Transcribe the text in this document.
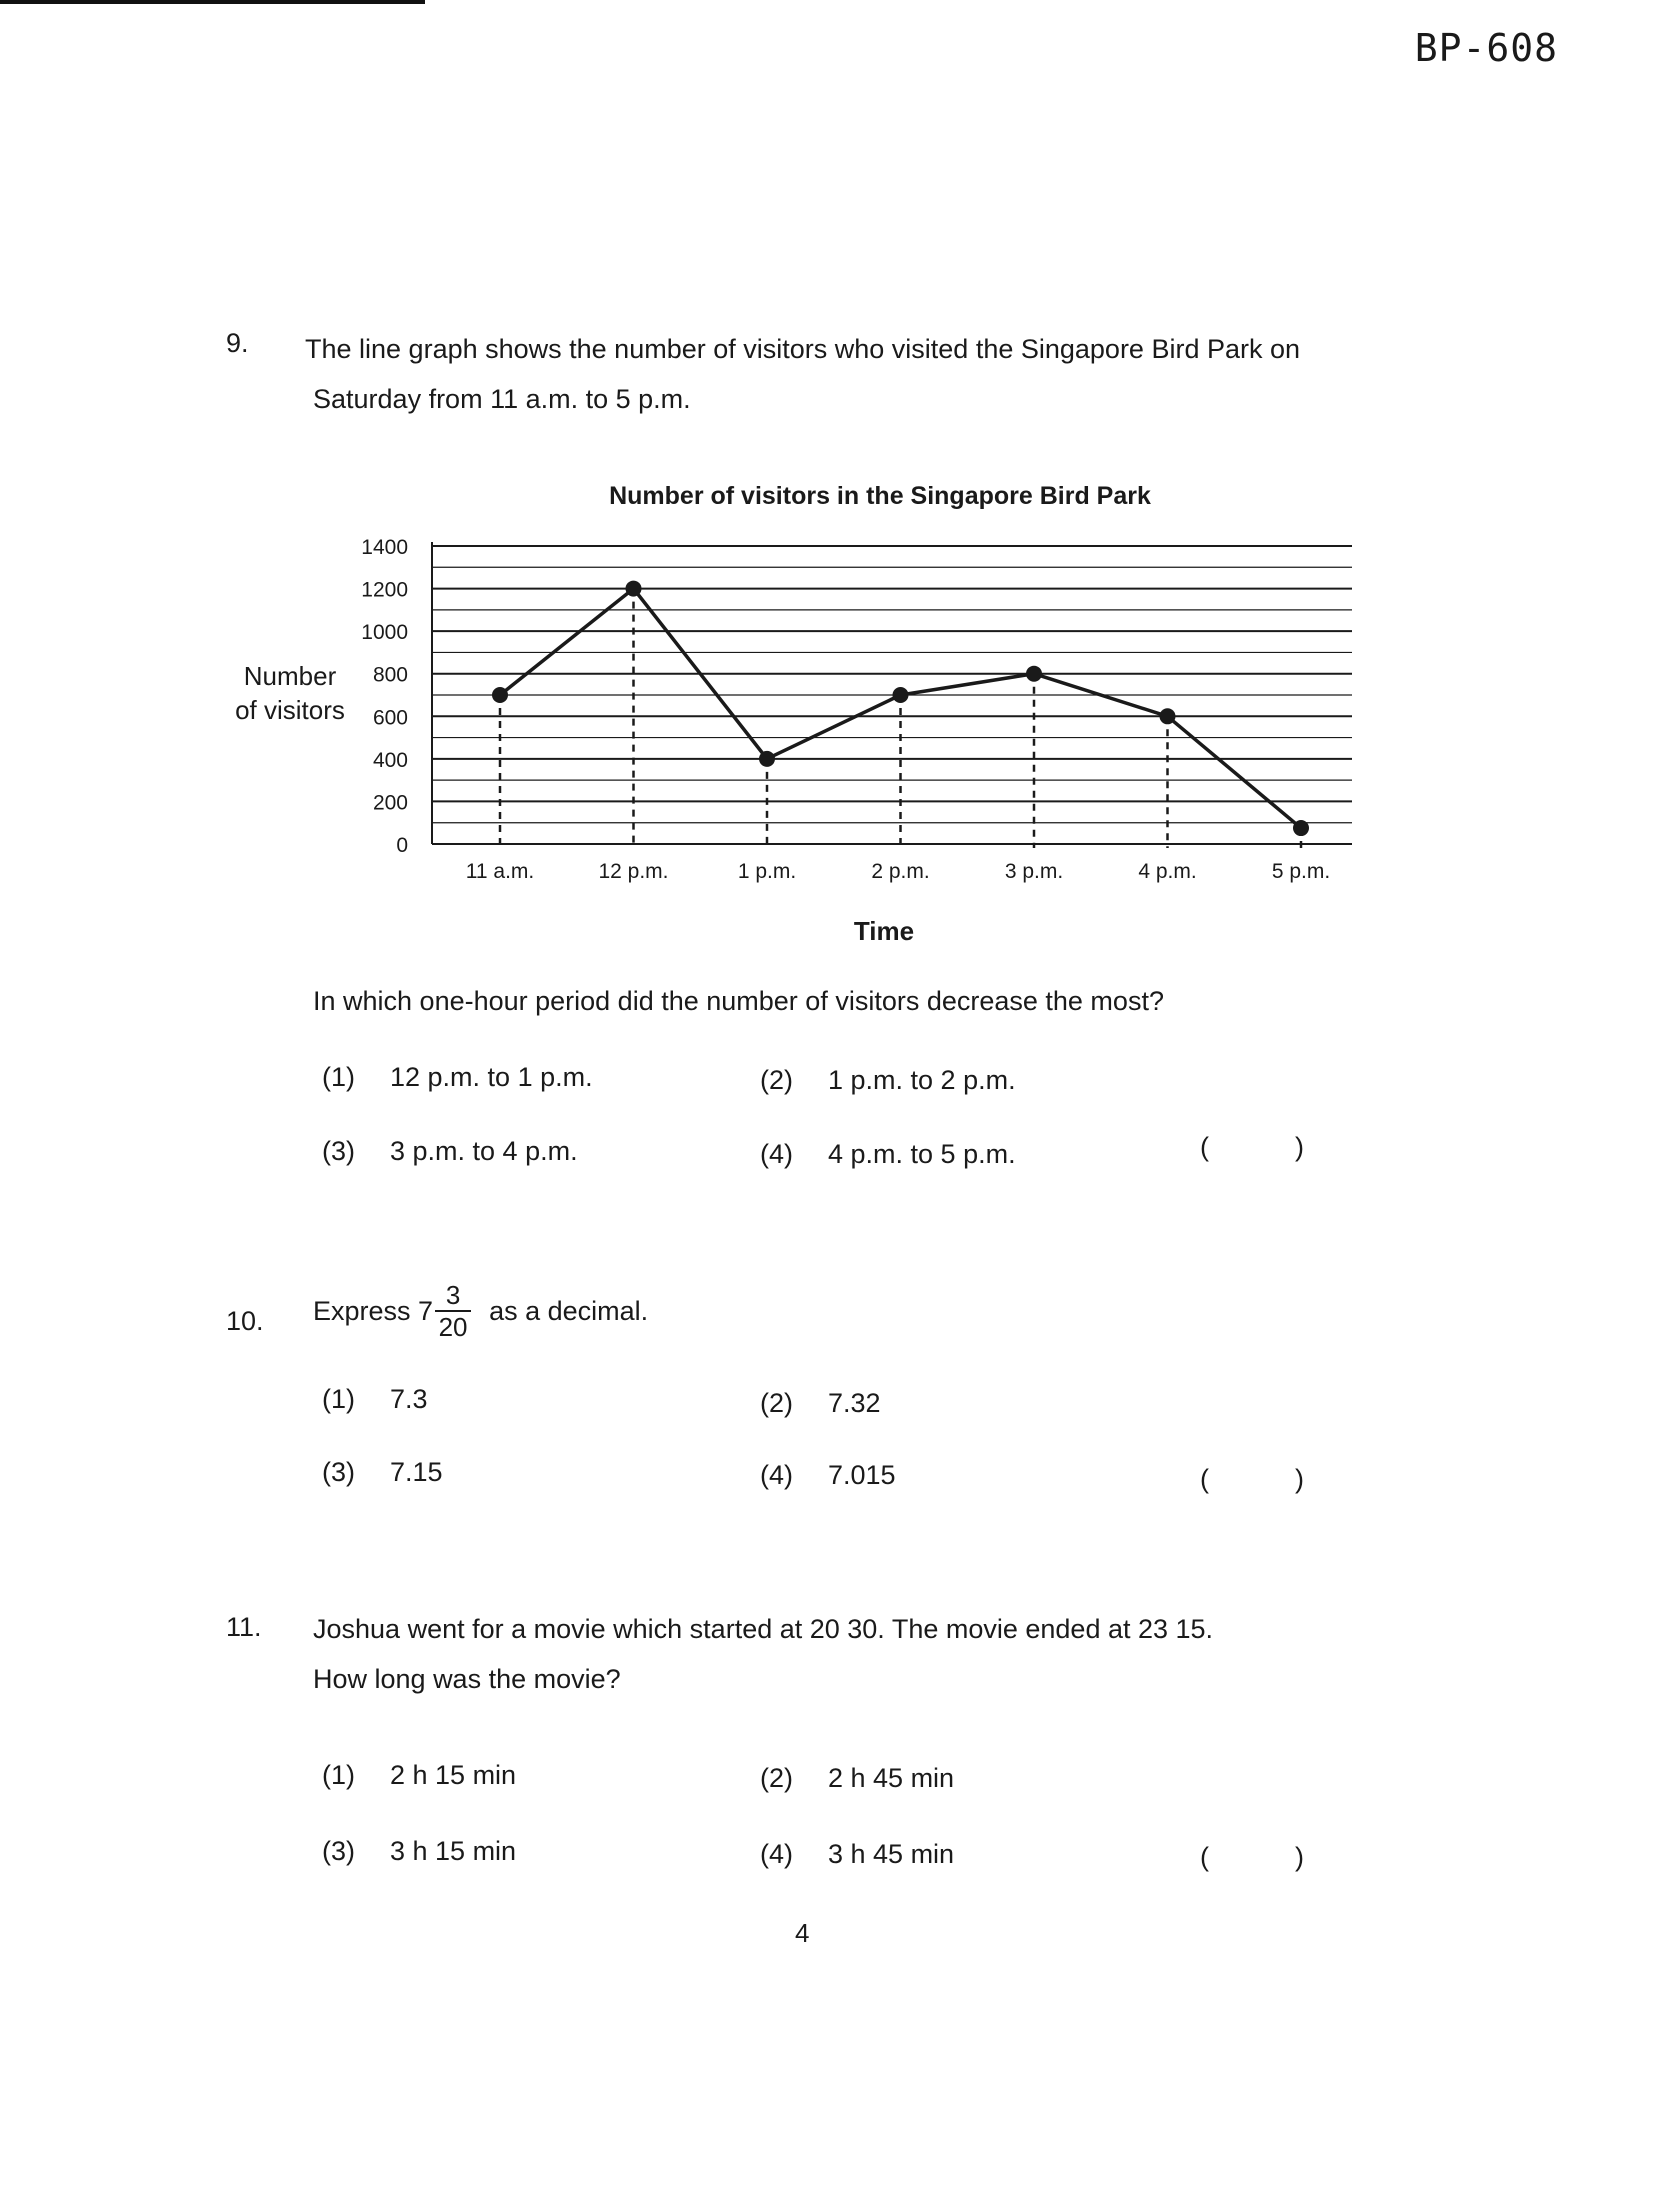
BP-608
9. The line graph shows the number of visitors who visited the Singapore Bird Park on
Saturday from 11 a.m. to 5 p.m.
Number of visitors in the Singapore Bird Park
Number
of visitors
0
200
400
600
800
1000
1200
1400
11 a.m.	12 p.m.	1 p.m.	2 p.m.	3 p.m.	4 p.m.	5 p.m.
Time
In which one-hour period did the number of visitors decrease the most?
(1) 12 p.m. to 1 p.m.	(2) 1 p.m. to 2 p.m.
(3) 3 p.m. to 4 p.m.	(4) 4 p.m. to 5 p.m.	(	)
10. Express $7 \frac{3}{20}$ as a decimal.
(1) 7.3	(2) 7.32
(3) 7.15	(4) 7.015	(	)
11. Joshua went for a movie which started at 20 30. The movie ended at 23 15.
How long was the movie?
(1) 2 h 15 min	(2) 2 h 45 min
(3) 3 h 15 min	(4) 3 h 45 min	(	)
4
